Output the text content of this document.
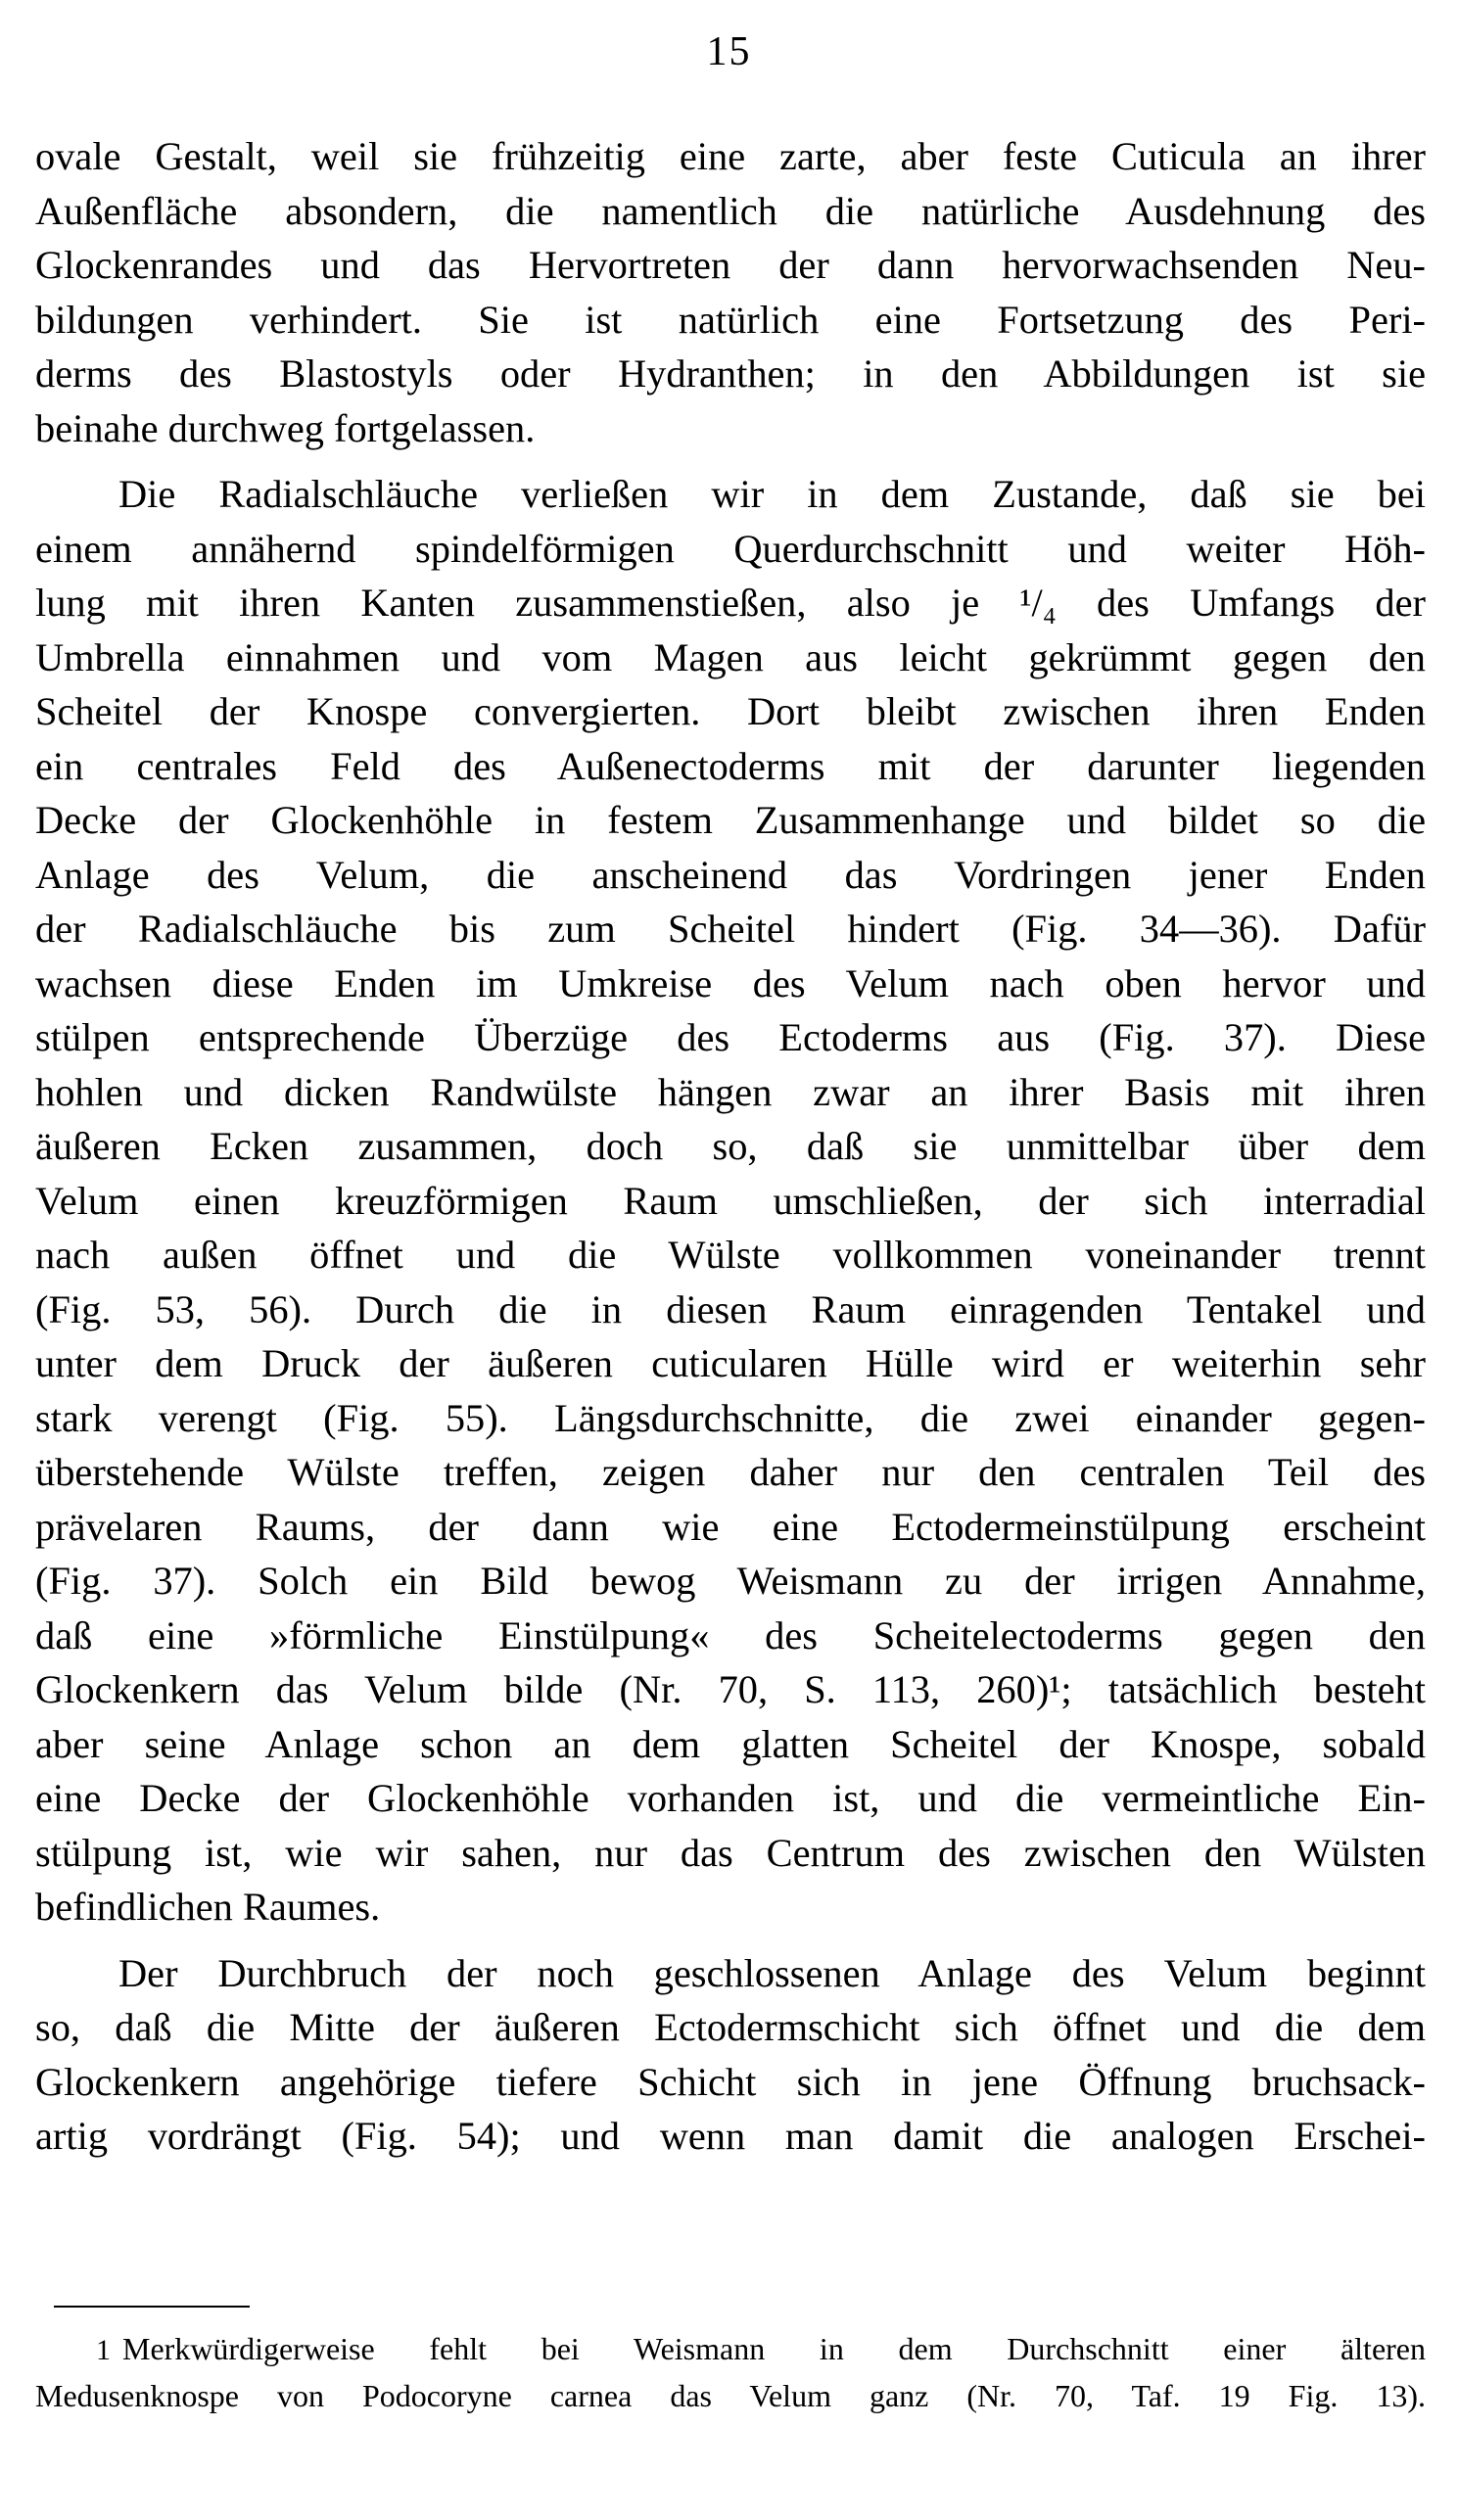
15
ovale Gestalt, weil sie frühzeitig eine zarte, aber feste Cuticula an ihrer
Außenfläche absondern, die namentlich die natürliche Ausdehnung des
Glockenrandes und das Hervortreten der dann hervorwachsenden Neu-
bildungen verhindert. Sie ist natürlich eine Fortsetzung des Peri-
derms des Blastostyls oder Hydranthen; in den Abbildungen ist sie
beinahe durchweg fortgelassen.
Die Radialschläuche verließen wir in dem Zustande, daß sie bei
einem annähernd spindelförmigen Querdurchschnitt und weiter Höh-
lung mit ihren Kanten zusammenstießen, also je ¹/₄ des Umfangs der
Umbrella einnahmen und vom Magen aus leicht gekrümmt gegen den
Scheitel der Knospe convergierten. Dort bleibt zwischen ihren Enden
ein centrales Feld des Außenectoderms mit der darunter liegenden
Decke der Glockenhöhle in festem Zusammenhange und bildet so die
Anlage des Velum, die anscheinend das Vordringen jener Enden
der Radialschläuche bis zum Scheitel hindert (Fig. 34—36). Dafür
wachsen diese Enden im Umkreise des Velum nach oben hervor und
stülpen entsprechende Überzüge des Ectoderms aus (Fig. 37). Diese
hohlen und dicken Randwülste hängen zwar an ihrer Basis mit ihren
äußeren Ecken zusammen, doch so, daß sie unmittelbar über dem
Velum einen kreuzförmigen Raum umschließen, der sich interradial
nach außen öffnet und die Wülste vollkommen voneinander trennt
(Fig. 53, 56). Durch die in diesen Raum einragenden Tentakel und
unter dem Druck der äußeren cuticularen Hülle wird er weiterhin sehr
stark verengt (Fig. 55). Längsdurchschnitte, die zwei einander gegen-
überstehende Wülste treffen, zeigen daher nur den centralen Teil des
prävelaren Raums, der dann wie eine Ectodermeinstülpung erscheint
(Fig. 37). Solch ein Bild bewog Weismann zu der irrigen Annahme,
daß eine »förmliche Einstülpung« des Scheitelectoderms gegen den
Glockenkern das Velum bilde (Nr. 70, S. 113, 260)¹; tatsächlich besteht
aber seine Anlage schon an dem glatten Scheitel der Knospe, sobald
eine Decke der Glockenhöhle vorhanden ist, und die vermeintliche Ein-
stülpung ist, wie wir sahen, nur das Centrum des zwischen den Wülsten
befindlichen Raumes.
Der Durchbruch der noch geschlossenen Anlage des Velum beginnt
so, daß die Mitte der äußeren Ectodermschicht sich öffnet und die dem
Glockenkern angehörige tiefere Schicht sich in jene Öffnung bruchsack-
artig vordrängt (Fig. 54); und wenn man damit die analogen Erschei-
1 Merkwürdigerweise fehlt bei Weismann in dem Durchschnitt einer älteren
Medusenknospe von Podocoryne carnea das Velum ganz (Nr. 70, Taf. 19 Fig. 13).
